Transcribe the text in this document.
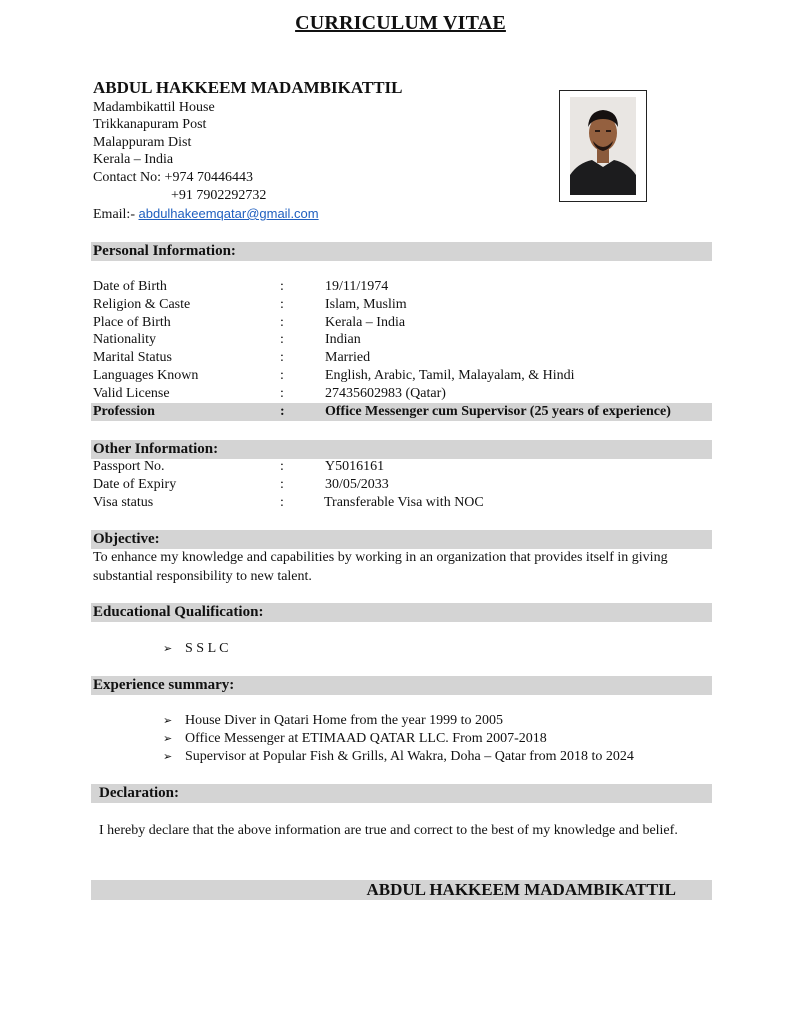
CURRICULUM VITAE
ABDUL HAKKEEM MADAMBIKATTIL
Madambikattil House
Trikkanapuram Post
Malappuram Dist
Kerala – India
Contact No: +974 70446443
+91 7902292732
Email:- abdulhakeemqatar@gmail.com
Personal Information:
Date of Birth	:	19/11/1974
Religion & Caste	:	Islam, Muslim
Place of Birth	:	Kerala – India
Nationality	:	Indian
Marital Status	:	Married
Languages Known	:	English, Arabic, Tamil, Malayalam, & Hindi
Valid License	:	27435602983 (Qatar)
Profession	:	Office Messenger cum Supervisor (25 years of experience)
Other Information:
Passport No.	:	Y5016161
Date of Expiry	:	30/05/2033
Visa status	:	Transferable Visa with NOC
Objective:
To enhance my knowledge and capabilities by working in an organization that provides itself in giving substantial responsibility to new talent.
Educational Qualification:
➢ S S L C
Experience summary:
➢ House Diver in Qatari Home from the year 1999 to 2005
➢ Office Messenger at ETIMAAD QATAR LLC. From 2007-2018
➢ Supervisor at Popular Fish & Grills, Al Wakra, Doha – Qatar from 2018 to 2024
Declaration:
I hereby declare that the above information are true and correct to the best of my knowledge and belief.
ABDUL HAKKEEM MADAMBIKATTIL
